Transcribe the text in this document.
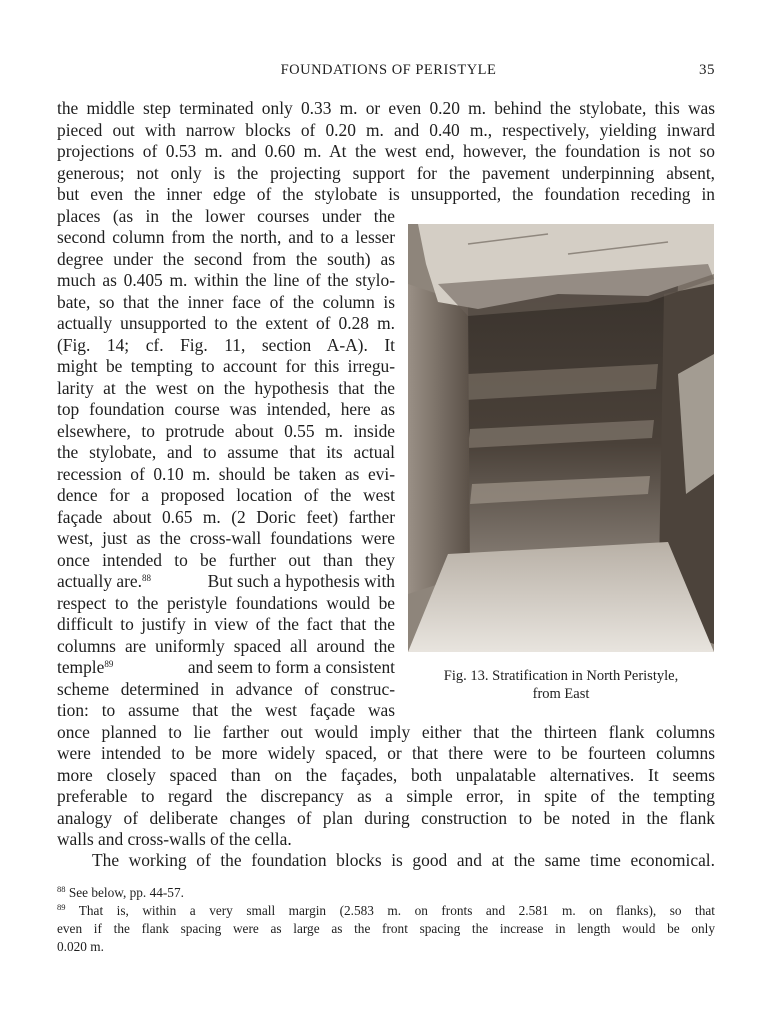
FOUNDATIONS OF PERISTYLE	35
the middle step terminated only 0.33 m. or even 0.20 m. behind the stylobate, this was
pieced out with narrow blocks of 0.20 m. and 0.40 m., respectively, yielding inward
projections of 0.53 m. and 0.60 m. At the west end, however, the foundation is not so
generous; not only is the projecting support for the pavement underpinning absent,
but even the inner edge of the stylobate is unsupported, the foundation receding in
places (as in the lower courses under the
second column from the north, and to a lesser
degree under the second from the south) as
much as 0.405 m. within the line of the stylo-
bate, so that the inner face of the column is
actually unsupported to the extent of 0.28 m.
(Fig. 14; cf. Fig. 11, section A-A). It
might be tempting to account for this irregu-
larity at the west on the hypothesis that the
top foundation course was intended, here as
elsewhere, to protrude about 0.55 m. inside
the stylobate, and to assume that its actual
recession of 0.10 m. should be taken as evi-
dence for a proposed location of the west
façade about 0.65 m. (2 Doric feet) farther
west, just as the cross-wall foundations were
once intended to be further out than they
actually are.$^{88}$	But such a hypothesis with
respect to the peristyle foundations would be
difficult to justify in view of the fact that the
columns are uniformly spaced all around the
temple$^{89}$	and seem to form a consistent
scheme determined in advance of construc-
tion: to assume that the west façade was
once planned to lie farther out would imply either that the thirteen flank columns
were intended to be more widely spaced, or that there were to be fourteen columns
more closely spaced than on the façades, both unpalatable alternatives. It seems
preferable to regard the discrepancy as a simple error, in spite of the tempting
analogy of deliberate changes of plan during construction to be noted in the flank
walls and cross-walls of the cella.
The working of the foundation blocks is good and at the same time economical.
Fig. 13. Stratification in North Peristyle,
from East
$^{88}$ See below, pp. 44-57.
$^{89}$ That is, within a very small margin (2.583 m. on fronts and 2.581 m. on flanks), so that
even if the flank spacing were as large as the front spacing the increase in length would be only
0.020 m.
